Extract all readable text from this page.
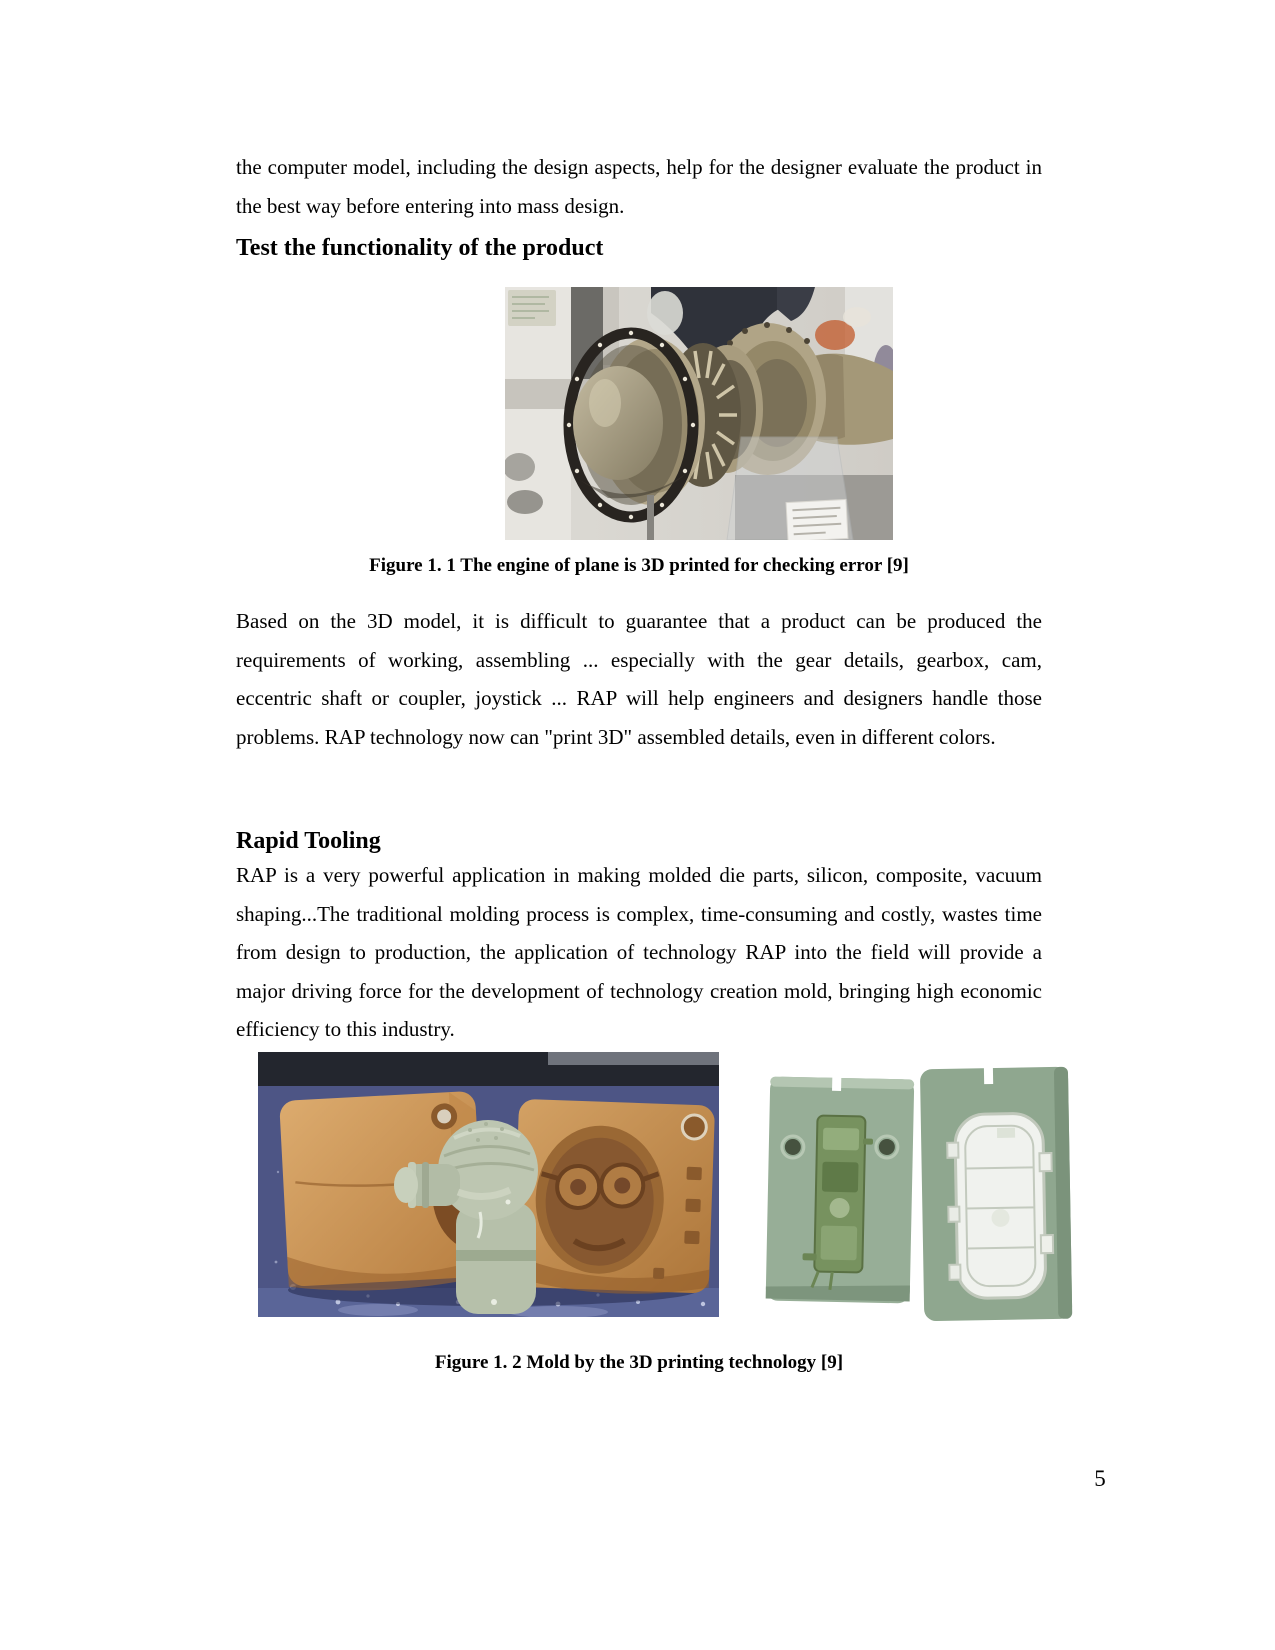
the computer model, including the design aspects, help for the designer evaluate the product in the best way before entering into mass design.

Test the functionality of the product

Figure 1. 1 The engine of plane is 3D printed for checking error [9]

Based on the 3D model, it is difficult to guarantee that a product can be produced the requirements of working, assembling ... especially with the gear details, gearbox, cam, eccentric shaft or coupler, joystick ... RAP will help engineers and designers handle those problems. RAP technology now can "print 3D" assembled details, even in different colors.

Rapid Tooling

RAP is a very powerful application in making molded die parts, silicon, composite, vacuum shaping...The traditional molding process is complex, time-consuming and costly, wastes time from design to production, the application of technology RAP into the field will provide a major driving force for the development of technology creation mold, bringing high economic efficiency to this industry.

Figure 1. 2 Mold by the 3D printing technology [9]

5
